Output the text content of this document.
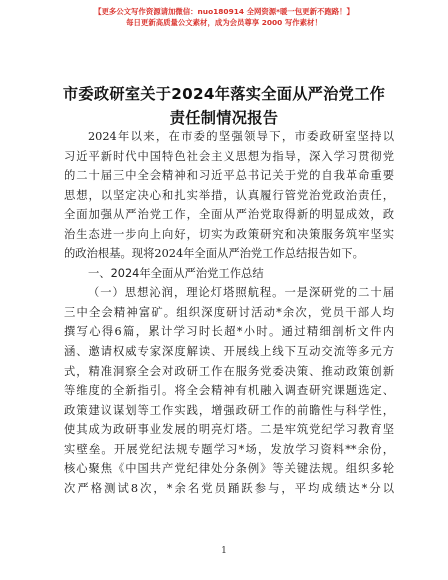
【更多公文写作资源请加微信：nuo180914 全网资源*暖一包更新不跑路！】
每日更新高质量公文素材，成为会员尊享 2000 写作素材！
市委政研室关于2024年落实全面从严治党工作
责任制情况报告
2024年以来，在市委的坚强领导下，市委政研室坚持以
习近平新时代中国特色社会主义思想为指导，深入学习贯彻党
的二十届三中全会精神和习近平总书记关于党的自我革命重要
思想，以坚定决心和扎实举措，认真履行管党治党政治责任，
全面加强从严治党工作，全面从严治党取得新的明显成效，政
治生态进一步向上向好，切实为政策研究和决策服务筑牢坚实
的政治根基。现将2024年全面从严治党工作总结报告如下。
一、2024年全面从严治党工作总结
（一）思想沁润，理论灯塔照航程。一是深研党的二十届
三中全会精神富矿。组织深度研讨活动*余次，党员干部人均
撰写心得6篇，累计学习时长超*小时。通过精细剖析文件内
涵、邀请权威专家深度解读、开展线上线下互动交流等多元方
式，精准洞察全会对政研工作在服务党委决策、推动政策创新
等维度的全新指引。将全会精神有机融入调查研究课题选定、
政策建议谋划等工作实践，增强政研工作的前瞻性与科学性，
使其成为政研事业发展的明亮灯塔。二是牢筑党纪学习教育坚
实壁垒。开展党纪法规专题学习*场，发放学习资料**余份，
核心聚焦《中国共产党纪律处分条例》等关键法规。组织多轮
次严格测试8次，*余名党员踊跃参与，平均成绩达*分以
1
